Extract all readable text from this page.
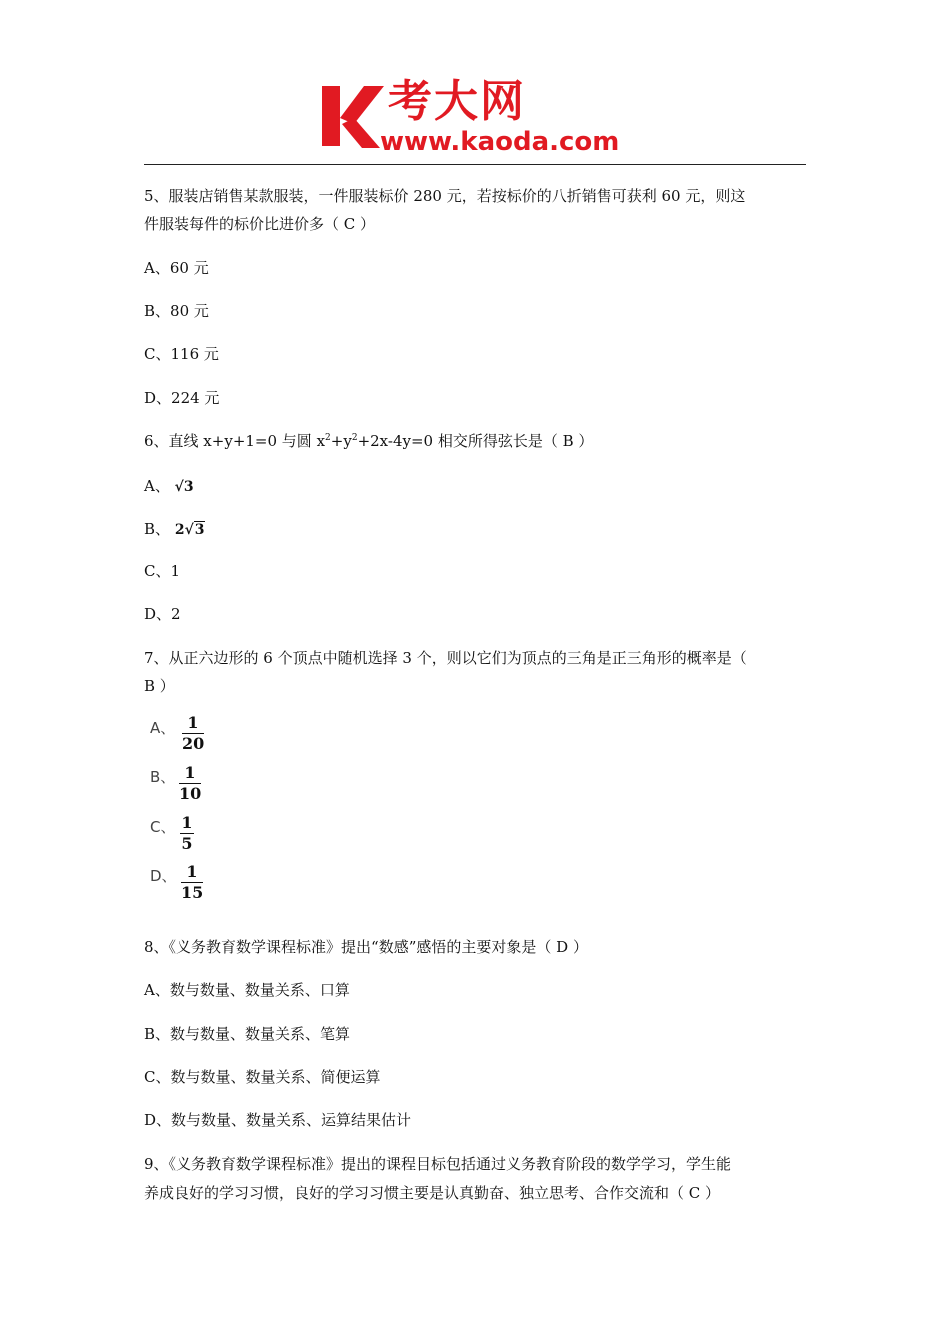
考大网
www.kaoda.com
5、服装店销售某款服装，一件服装标价 280 元，若按标价的八折销售可获利 60 元，则这
件服装每件的标价比进价多（ C ）
A、60 元
B、80 元
C、116 元
D、224 元
6、直线 x+y+1=0 与圆 $x^2+y^2+2x-4y=0$ 相交所得弦长是（ B ）
A、 √3
B、 2√3
C、1
D、2
7、从正六边形的 6 个顶点中随机选择 3 个，则以它们为顶点的三角是正三角形的概率是（
B ）
A、 1
20
B、 1
10
C、 1
5
D、 1
15
8、《义务教育数学课程标准》提出“数感”感悟的主要对象是（ D ）
A、数与数量、数量关系、口算
B、数与数量、数量关系、笔算
C、数与数量、数量关系、简便运算
D、数与数量、数量关系、运算结果估计
9、《义务教育数学课程标准》提出的课程目标包括通过义务教育阶段的数学学习，学生能
养成良好的学习习惯，良好的学习习惯主要是认真勤奋、独立思考、合作交流和（ C ）
